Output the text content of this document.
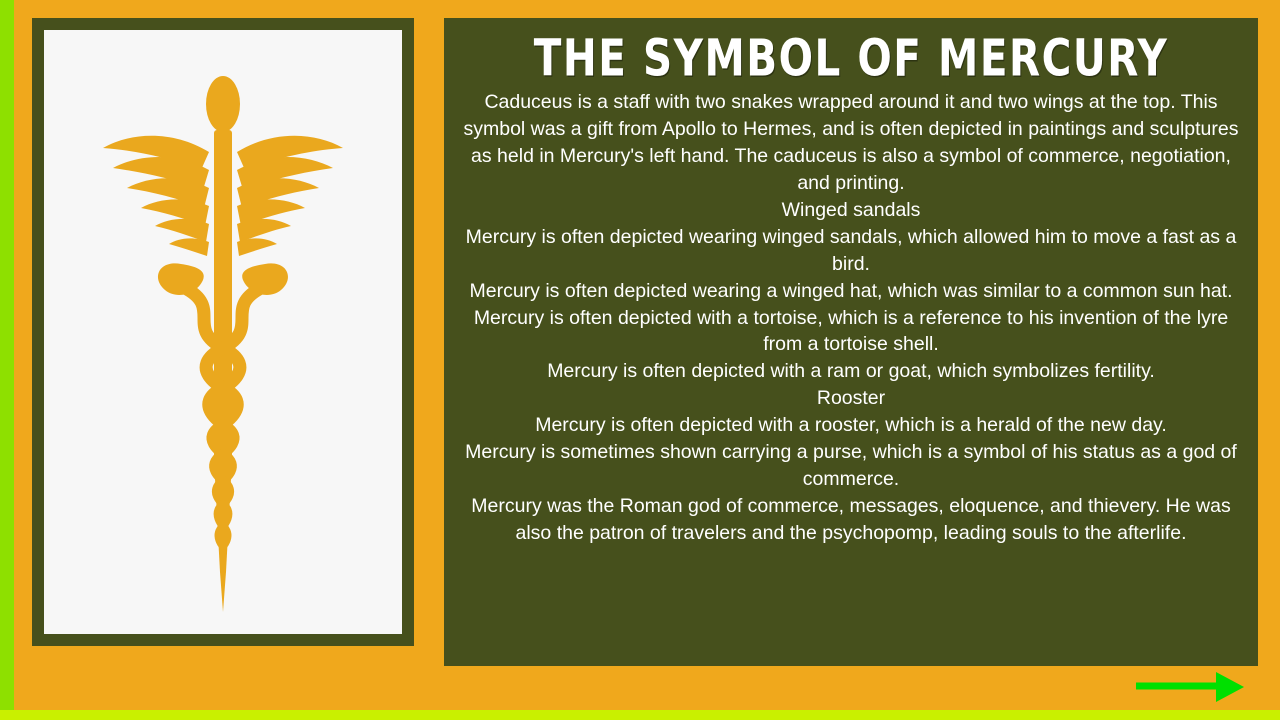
THE SYMBOL OF MERCURY

Caduceus is a staff with two snakes wrapped around it and two wings at the top. This symbol was a gift from Apollo to Hermes, and is often depicted in paintings and sculptures as held in Mercury's left hand. The caduceus is also a symbol of commerce, negotiation, and printing.

Winged sandals

Mercury is often depicted wearing winged sandals, which allowed him to move a fast as a bird.

Mercury is often depicted wearing a winged hat, which was similar to a common sun hat.

Mercury is often depicted with a tortoise, which is a reference to his invention of the lyre from a tortoise shell.

Mercury is often depicted with a ram or goat, which symbolizes fertility.

Rooster

Mercury is often depicted with a rooster, which is a herald of the new day.

Mercury is sometimes shown carrying a purse, which is a symbol of his status as a god of commerce.

Mercury was the Roman god of commerce, messages, eloquence, and thievery. He was also the patron of travelers and the psychopomp, leading souls to the afterlife.
